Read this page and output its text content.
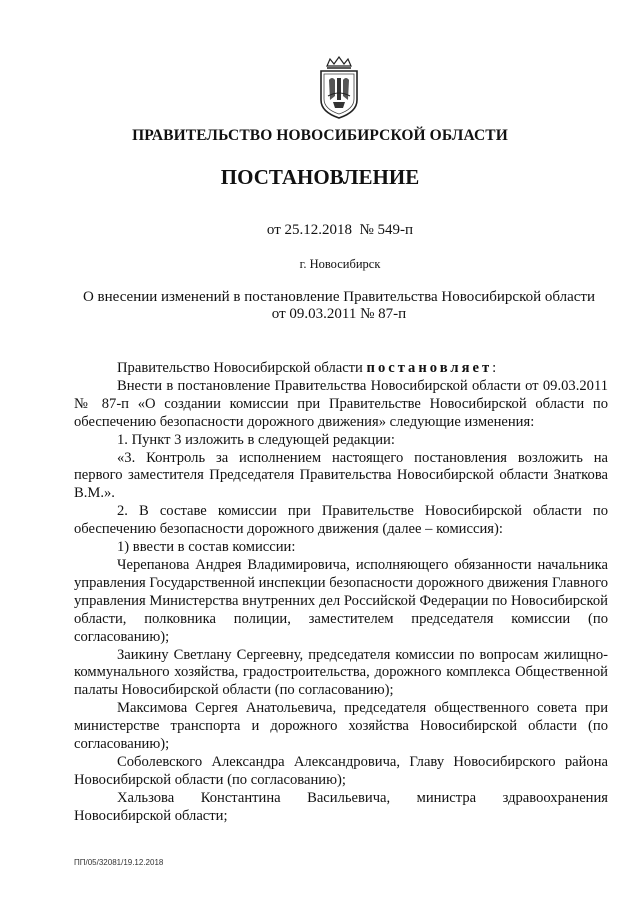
ПРАВИТЕЛЬСТВО НОВОСИБИРСКОЙ ОБЛАСТИ
ПОСТАНОВЛЕНИЕ
от 25.12.2018  № 549-п
г. Новосибирск
О внесении изменений в постановление Правительства Новосибирской области
от 09.03.2011 № 87-п

Правительство Новосибирской области постановляет:

Внести в постановление Правительства Новосибирской области от 09.03.2011 № 87-п «О создании комиссии при Правительстве Новосибирской области по обеспечению безопасности дорожного движения» следующие изменения:

1. Пункт 3 изложить в следующей редакции:

«3. Контроль за исполнением настоящего постановления возложить на первого заместителя Председателя Правительства Новосибирской области Знаткова В.М.».

2. В составе комиссии при Правительстве Новосибирской области по обеспечению безопасности дорожного движения (далее – комиссия):

1) ввести в состав комиссии:

Черепанова Андрея Владимировича, исполняющего обязанности начальника управления Государственной инспекции безопасности дорожного движения Главного управления Министерства внутренних дел Российской Федерации по Новосибирской области, полковника полиции, заместителем председателя комиссии (по согласованию);

Заикину Светлану Сергеевну, председателя комиссии по вопросам жилищно-коммунального хозяйства, градостроительства, дорожного комплекса Общественной палаты Новосибирской области (по согласованию);

Максимова Сергея Анатольевича, председателя общественного совета при министерстве транспорта и дорожного хозяйства Новосибирской области (по согласованию);

Соболевского Александра Александровича, Главу Новосибирского района Новосибирской области (по согласованию);

Хальзова Константина Васильевича, министра здравоохранения Новосибирской области;

ПП/05/32081/19.12.2018
